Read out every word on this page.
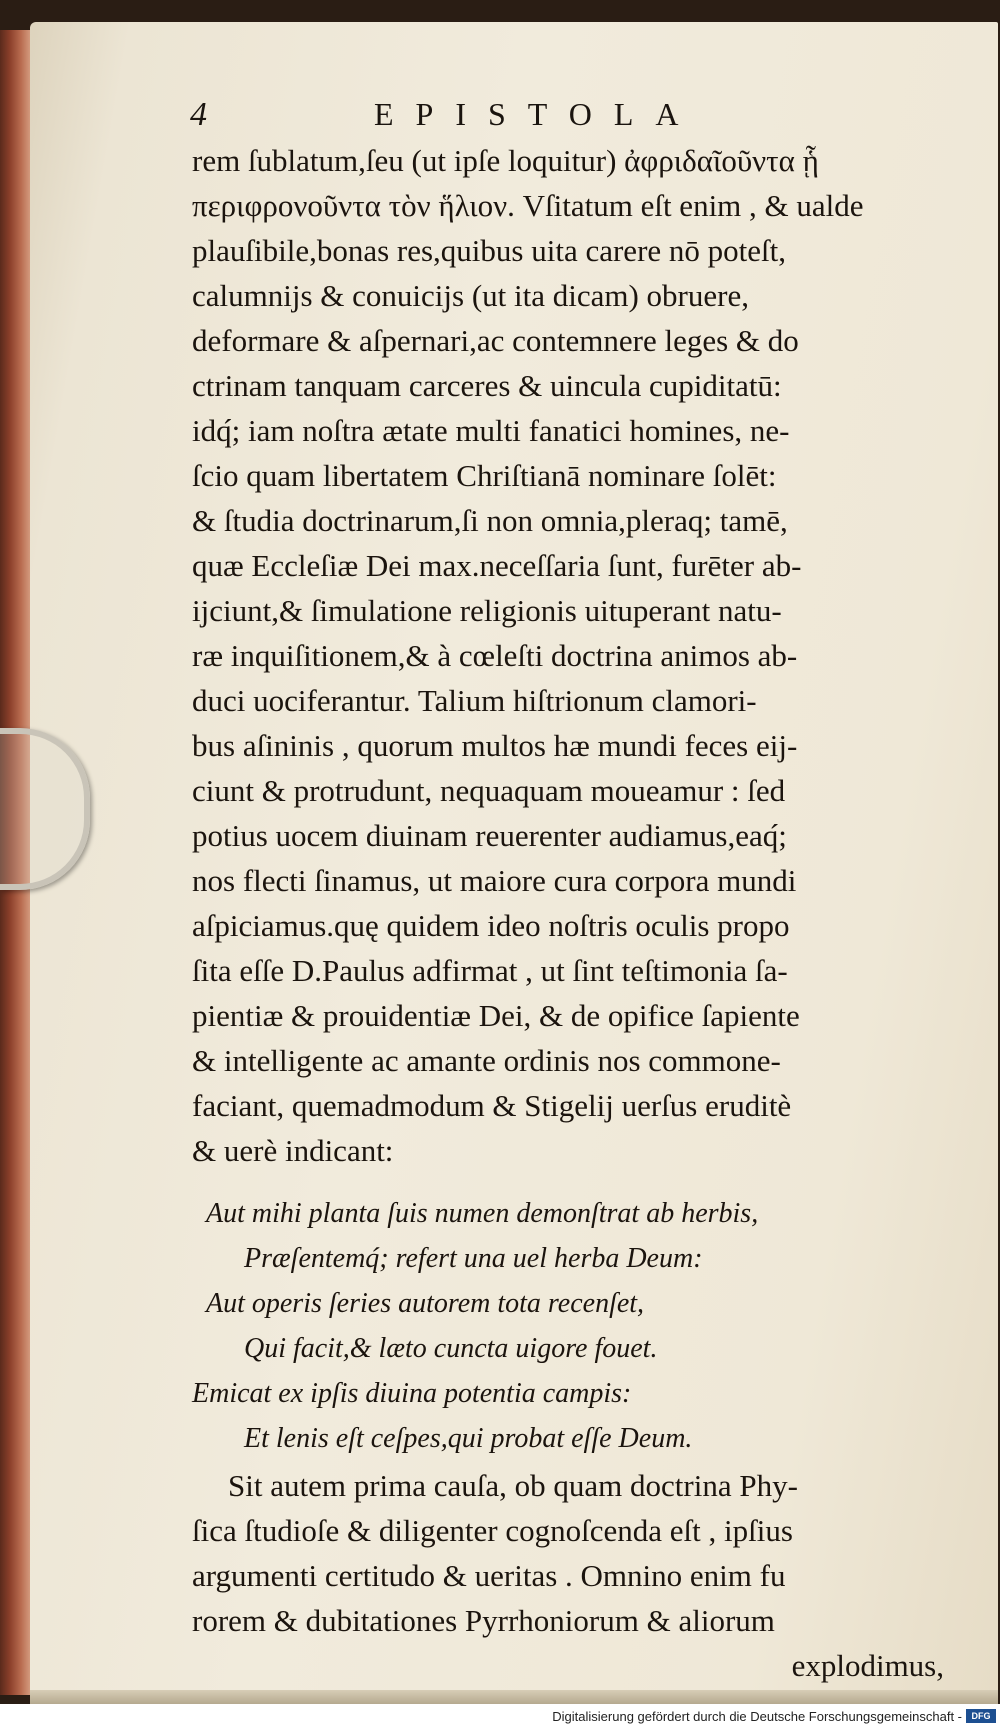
4	EPISTOLA
rem ſublatum,ſeu (ut ipſe loquitur) ἀφριδαῖοῦντα ᾗ
περιφρονοῦντα τὸν ἥλιον. Vſitatum eſt enim , & ualde
plauſibile,bonas res,quibus uita carere nō poteſt,
calumnijs & conuicijs (ut ita dicam) obruere,
deformare & aſpernari,ac contemnere leges & do
ctrinam tanquam carceres & uincula cupiditatū:
idq́; iam noſtra ætate multi fanatici homines, ne-
ſcio quam libertatem Chriſtianā nominare ſolēt:
& ſtudia doctrinarum,ſi non omnia,pleraq; tamē,
quæ Eccleſiæ Dei max.neceſſaria ſunt, furēter ab-
ijciunt,& ſimulatione religionis uituperant natu-
ræ inquiſitionem,& à cœleſti doctrina animos ab-
duci uociferantur. Talium hiſtrionum clamori-
bus aſininis , quorum multos hæ mundi feces eij-
ciunt & protrudunt, nequaquam moueamur : ſed
potius uocem diuinam reuerenter audiamus,eaq́;
nos flecti ſinamus, ut maiore cura corpora mundi
aſpiciamus.quę quidem ideo noſtris oculis propo
ſita eſſe D.Paulus adfirmat , ut ſint teſtimonia ſa-
pientiæ & prouidentiæ Dei, & de opifice ſapiente
& intelligente ac amante ordinis nos commone-
faciant, quemadmodum & Stigelij uerſus eruditè
& uerè indicant:
Aut mihi planta ſuis numen demonſtrat ab herbis,
Præſentemq́; refert una uel herba Deum:
Aut operis ſeries autorem tota recenſet,
Qui facit,& læto cuncta uigore fouet.
Emicat ex ipſis diuina potentia campis:
Et lenis eſt ceſpes,qui probat eſſe Deum.
Sit autem prima cauſa, ob quam doctrina Phy-
ſica ſtudioſe & diligenter cognoſcenda eſt , ipſius
argumenti certitudo & ueritas . Omnino enim fu
rorem & dubitationes Pyrrhoniorum & aliorum
explodimus,
Digitalisierung gefördert durch die Deutsche Forschungsgemeinschaft -	DFG
